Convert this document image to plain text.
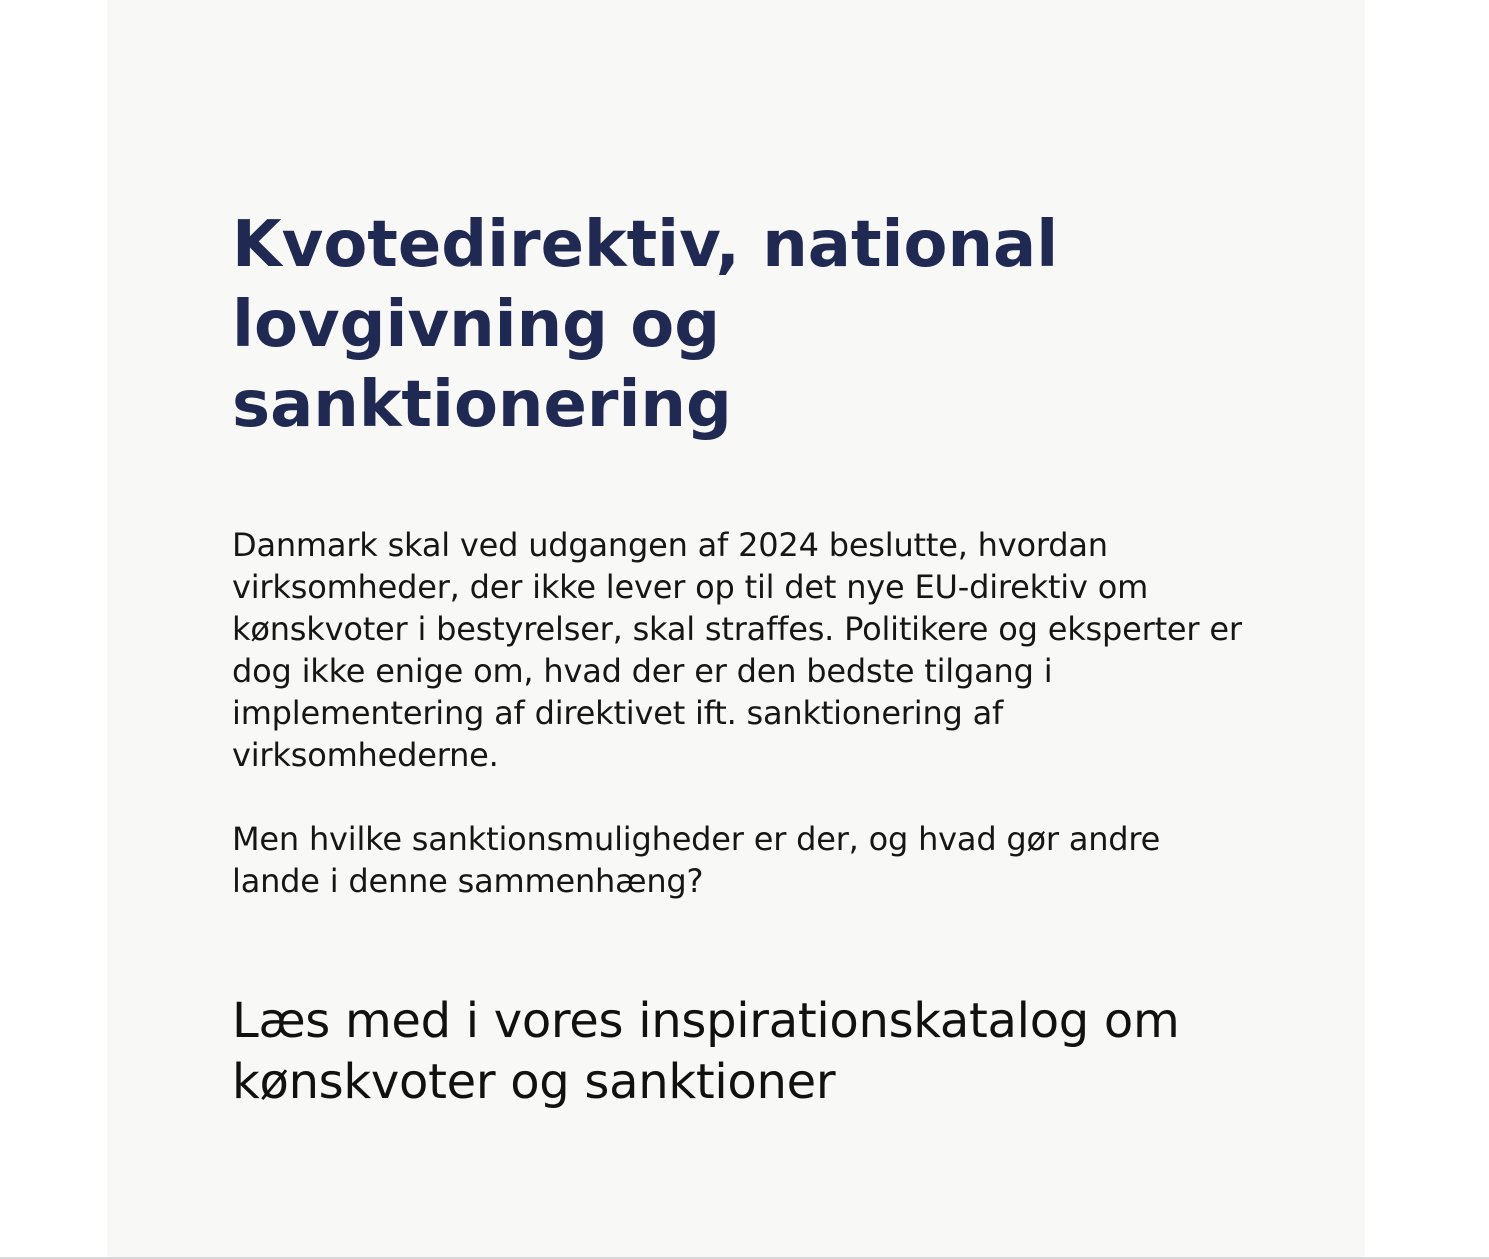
Kvotedirektiv, national
lovgivning og sanktionering

Danmark skal ved udgangen af 2024 beslutte, hvordan virksomheder, der ikke lever op til det nye EU-direktiv om kønskvoter i bestyrelser, skal straffes. Politikere og eksperter er dog ikke enige om, hvad der er den bedste tilgang i implementering af direktivet ift. sanktionering af virksomhederne.

Men hvilke sanktionsmuligheder er der, og hvad gør andre lande i denne sammenhæng?

Læs med i vores inspirationskatalog om kønskvoter og sanktioner
